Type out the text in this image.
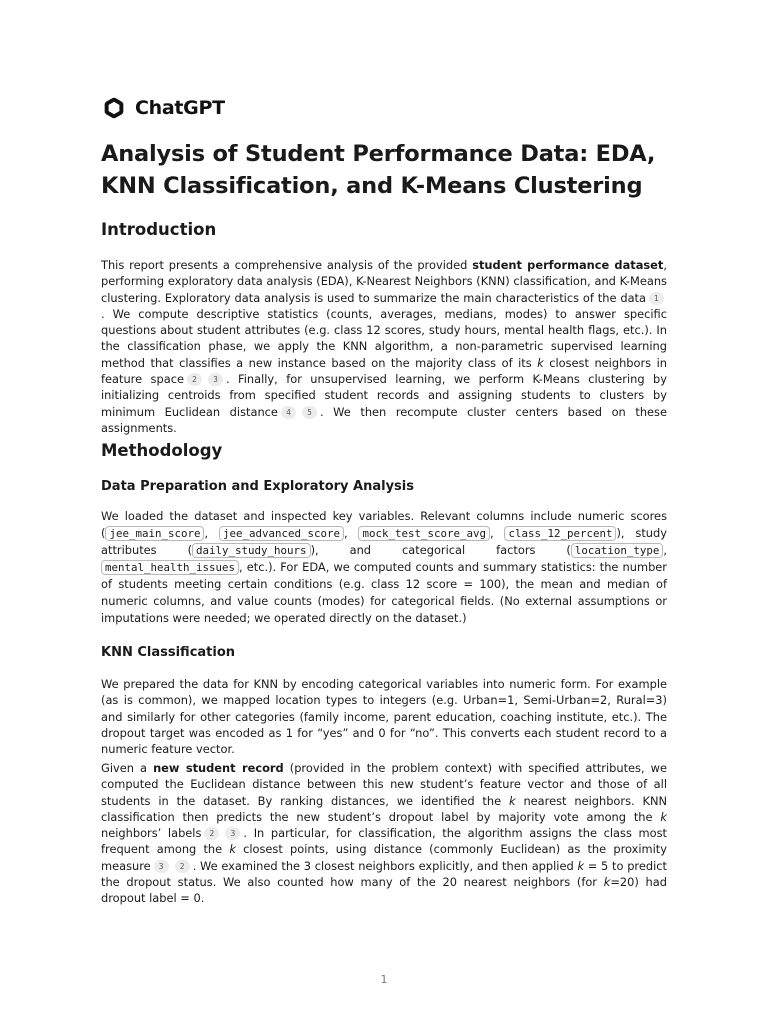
ChatGPT
Analysis of Student Performance Data: EDA, KNN Classification, and K-Means Clustering
Introduction

This report presents a comprehensive analysis of the provided student performance dataset, performing exploratory data analysis (EDA), K-Nearest Neighbors (KNN) classification, and K-Means clustering. Exploratory data analysis is used to summarize the main characteristics of the data 1. We compute descriptive statistics (counts, averages, medians, modes) to answer specific questions about student attributes (e.g. class 12 scores, study hours, mental health flags, etc.). In the classification phase, we apply the KNN algorithm, a non-parametric supervised learning method that classifies a new instance based on the majority class of its k closest neighbors in feature space 2 3 . Finally, for unsupervised learning, we perform K-Means clustering by initializing centroids from specified student records and assigning students to clusters by minimum Euclidean distance 4 5 . We then recompute cluster centers based on these assignments.

Methodology
Data Preparation and Exploratory Analysis

We loaded the dataset and inspected key variables. Relevant columns include numeric scores ( jee_main_score , jee_advanced_score , mock_test_score_avg , class_12_percent ), study attributes ( daily_study_hours ), and categorical factors ( location_type , mental_health_issues , etc.). For EDA, we computed counts and summary statistics: the number of students meeting certain conditions (e.g. class 12 score = 100), the mean and median of numeric columns, and value counts (modes) for categorical fields. (No external assumptions or imputations were needed; we operated directly on the dataset.)

KNN Classification

We prepared the data for KNN by encoding categorical variables into numeric form. For example (as is common), we mapped location types to integers (e.g. Urban=1, Semi-Urban=2, Rural=3) and similarly for other categories (family income, parent education, coaching institute, etc.). The dropout target was encoded as 1 for “yes” and 0 for “no”. This converts each student record to a numeric feature vector.

Given a new student record (provided in the problem context) with specified attributes, we computed the Euclidean distance between this new student’s feature vector and those of all students in the dataset. By ranking distances, we identified the k nearest neighbors. KNN classification then predicts the new student’s dropout label by majority vote among the k neighbors’ labels 2 3 . In particular, for classification, the algorithm assigns the class most frequent among the k closest points, using distance (commonly Euclidean) as the proximity measure 3 2 . We examined the 3 closest neighbors explicitly, and then applied k = 5 to predict the dropout status. We also counted how many of the 20 nearest neighbors (for k=20) had dropout label = 0.

1
